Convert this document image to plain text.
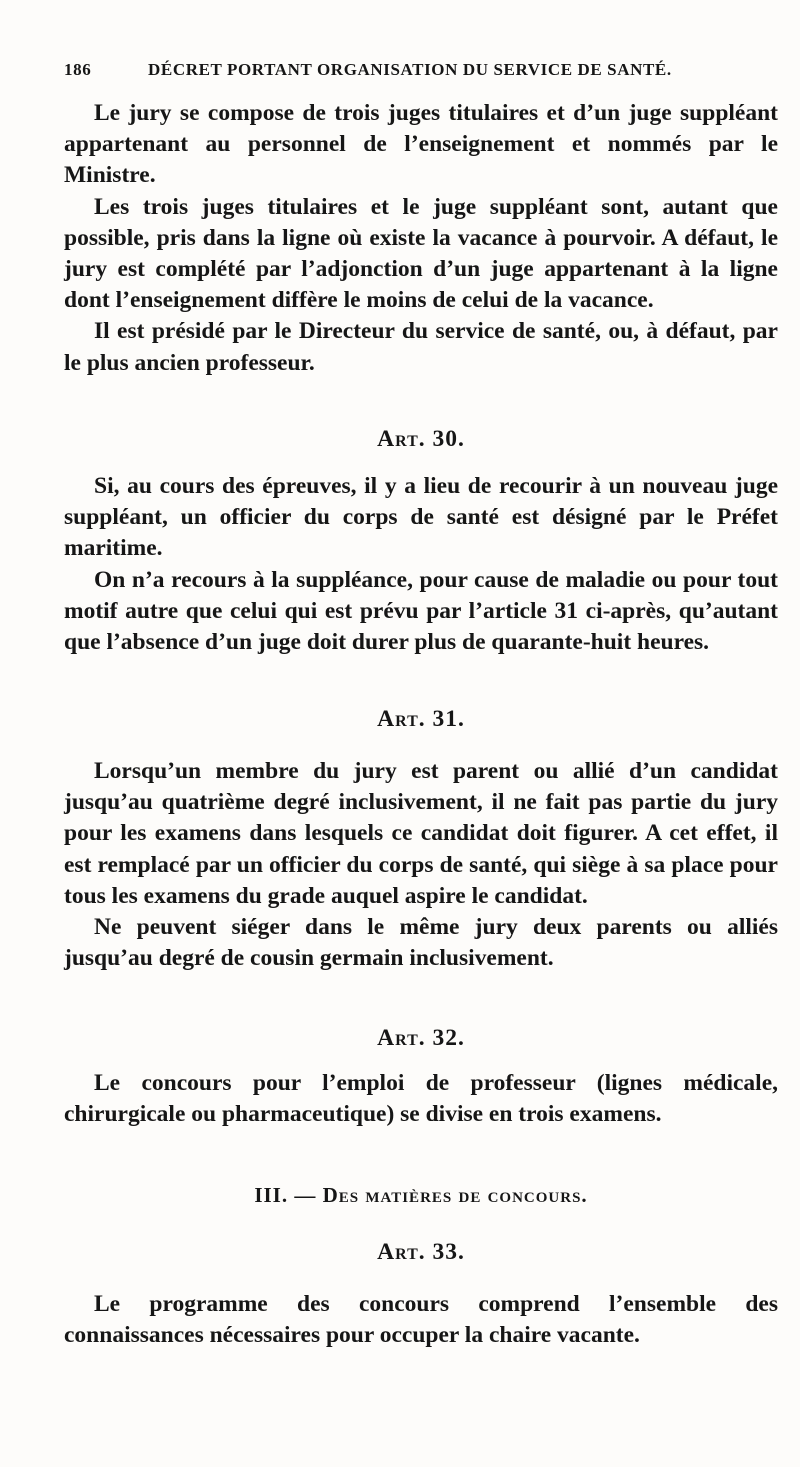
186	DÉCRET PORTANT ORGANISATION DU SERVICE DE SANTÉ.

Le jury se compose de trois juges titulaires et d’un juge suppléant appartenant au personnel de l’enseignement et nommés par le Ministre.

Les trois juges titulaires et le juge suppléant sont, autant que possible, pris dans la ligne où existe la vacance à pourvoir. A défaut, le jury est complété par l’adjonction d’un juge appartenant à la ligne dont l’enseignement diffère le moins de celui de la vacance.

Il est présidé par le Directeur du service de santé, ou, à défaut, par le plus ancien professeur.

Art. 30.

Si, au cours des épreuves, il y a lieu de recourir à un nouveau juge suppléant, un officier du corps de santé est désigné par le Préfet maritime.

On n’a recours à la suppléance, pour cause de maladie ou pour tout motif autre que celui qui est prévu par l’article 31 ci-après, qu’autant que l’absence d’un juge doit durer plus de quarante-huit heures.

Art. 31.

Lorsqu’un membre du jury est parent ou allié d’un candidat jusqu’au quatrième degré inclusivement, il ne fait pas partie du jury pour les examens dans lesquels ce candidat doit figurer. A cet effet, il est remplacé par un officier du corps de santé, qui siège à sa place pour tous les examens du grade auquel aspire le candidat.

Ne peuvent siéger dans le même jury deux parents ou alliés jusqu’au degré de cousin germain inclusivement.

Art. 32.

Le concours pour l’emploi de professeur (lignes médicale, chirurgicale ou pharmaceutique) se divise en trois examens.

III. — Des matières de concours.
Art. 33.

Le programme des concours comprend l’ensemble des connaissances nécessaires pour occuper la chaire vacante.
